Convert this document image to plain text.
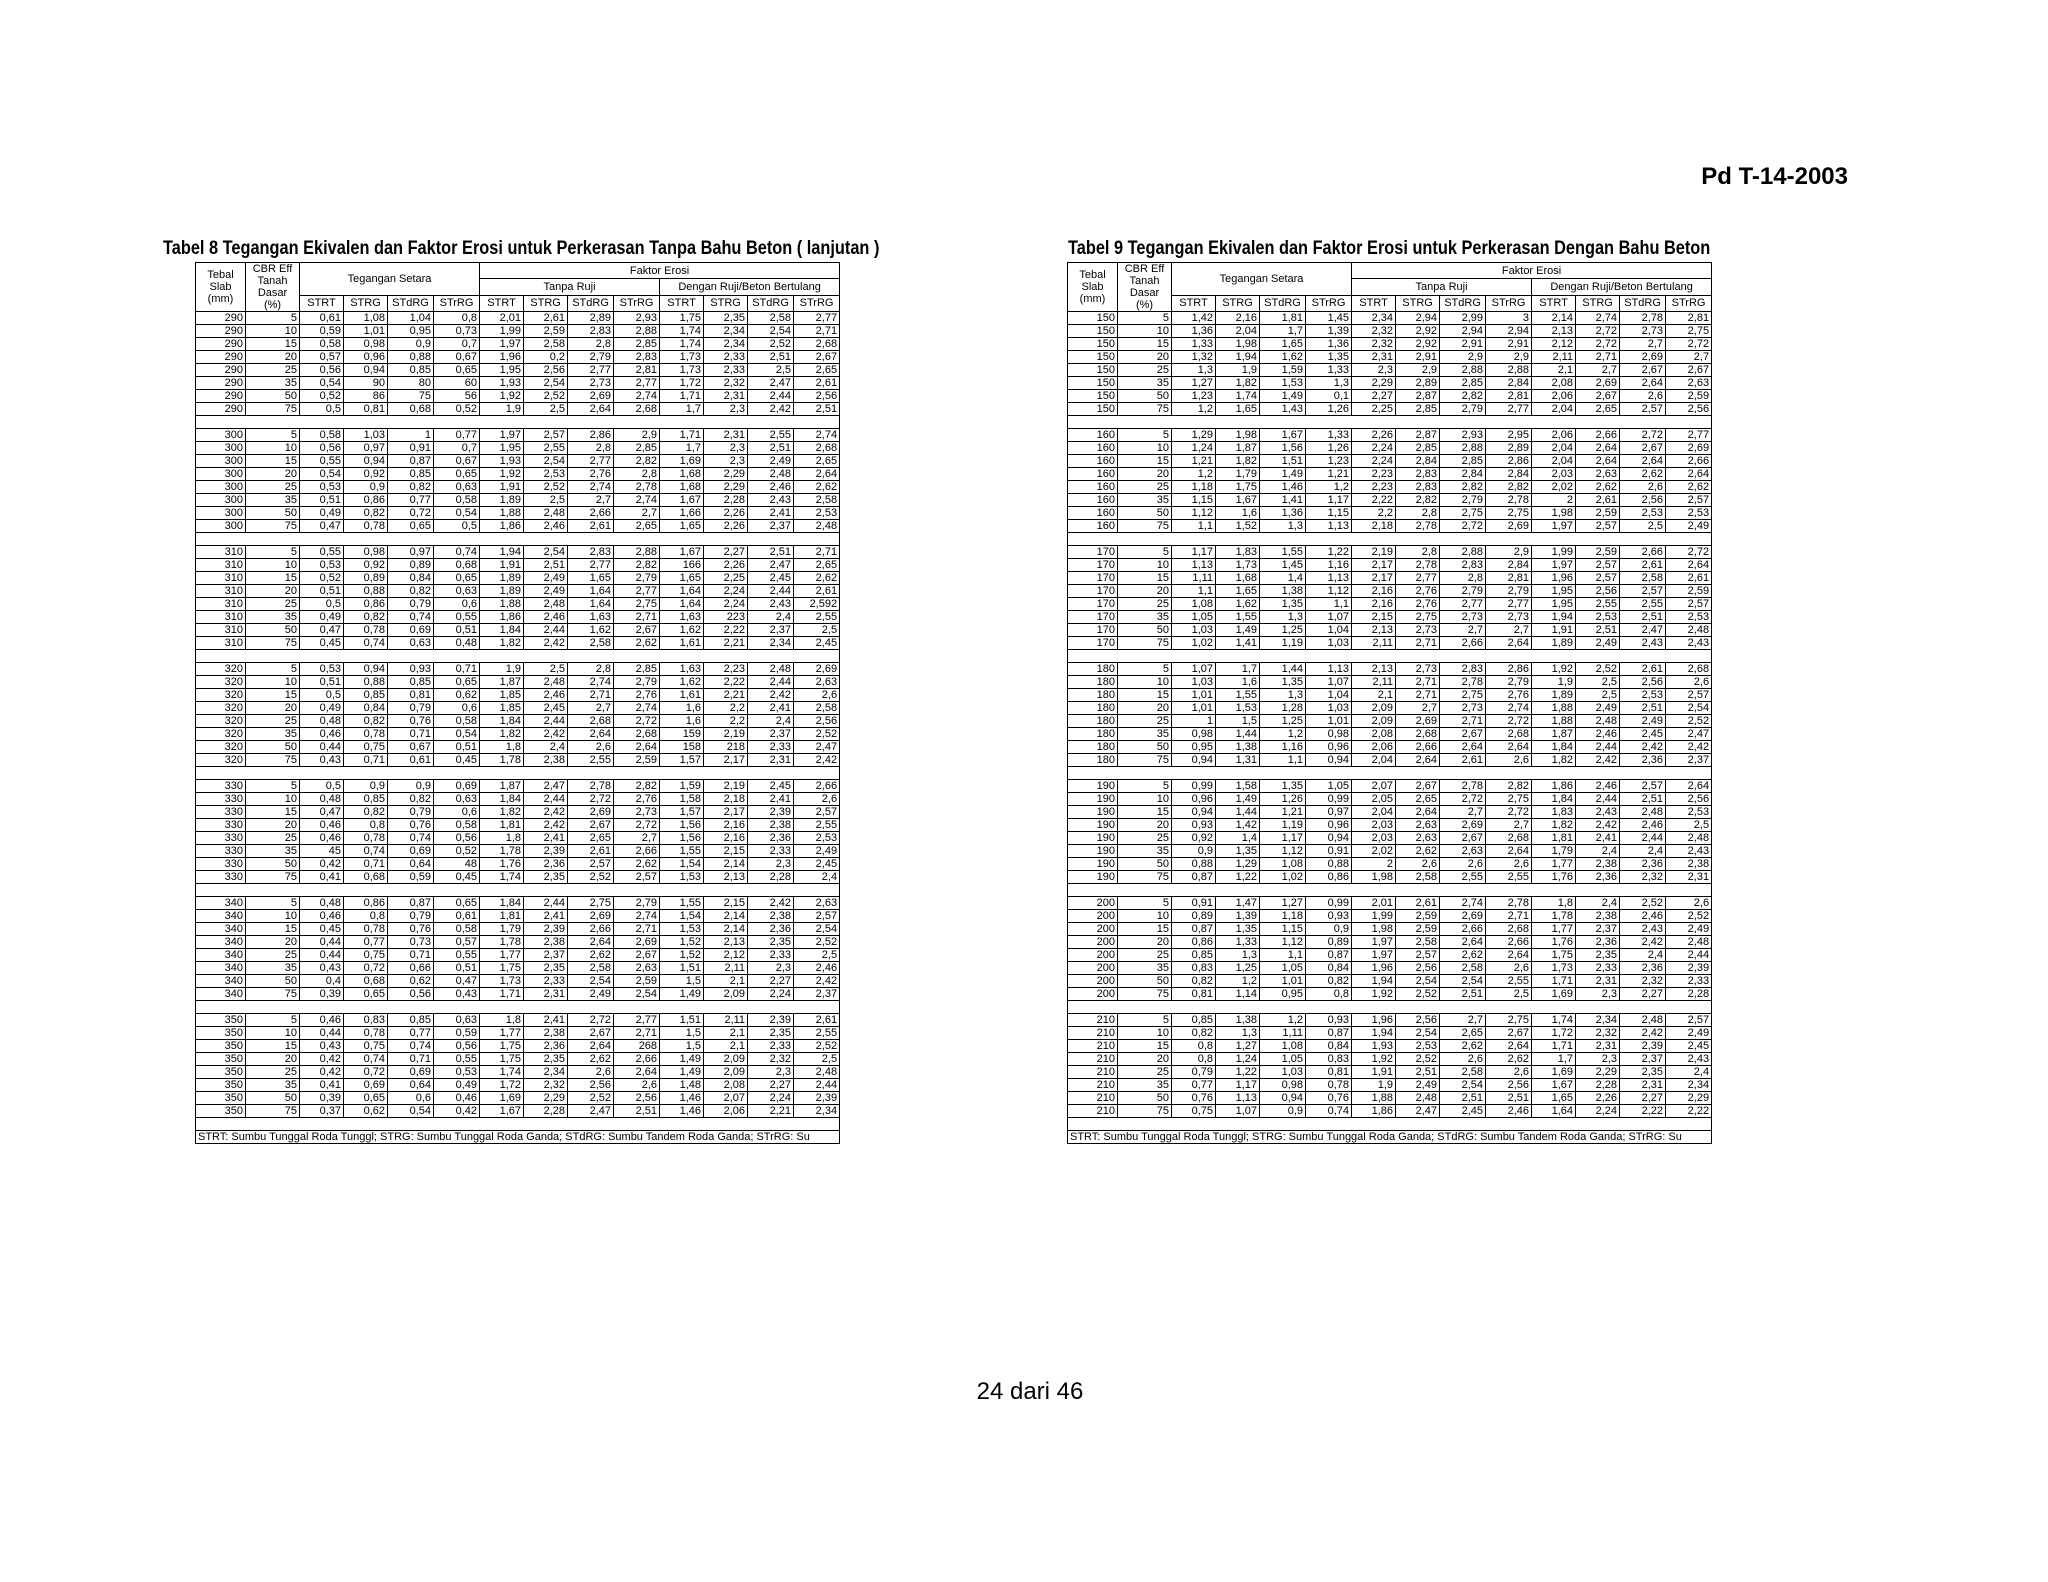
Pd T-14-2003
Tabel 8 Tegangan Ekivalen dan Faktor Erosi untuk Perkerasan Tanpa Bahu Beton ( lanjutan )
Tebal Slab (mm)	CBR Eff Tanah Dasar (%)	Tegangan Setara				Faktor Erosi							
						Tanpa Ruji				Dengan Ruji/Beton Bertulang			
		STRT	STRG	STdRG	STrRG	STRT	STRG	STdRG	STrRG	STRT	STRG	STdRG	STrRG
290	5	0,61	1,08	1,04	0,8	2,01	2,61	2,89	2,93	1,75	2,35	2,58	2,77
290	10	0,59	1,01	0,95	0,73	1,99	2,59	2,83	2,88	1,74	2,34	2,54	2,71
290	15	0,58	0,98	0,9	0,7	1,97	2,58	2,8	2,85	1,74	2,34	2,52	2,68
290	20	0,57	0,96	0,88	0,67	1,96	0,2	2,79	2,83	1,73	2,33	2,51	2,67
290	25	0,56	0,94	0,85	0,65	1,95	2,56	2,77	2,81	1,73	2,33	2,5	2,65
290	35	0,54	90	80	60	1,93	2,54	2,73	2,77	1,72	2,32	2,47	2,61
290	50	0,52	86	75	56	1,92	2,52	2,69	2,74	1,71	2,31	2,44	2,56
290	75	0,5	0,81	0,68	0,52	1,9	2,5	2,64	2,68	1,7	2,3	2,42	2,51

300	5	0,58	1,03	1	0,77	1,97	2,57	2,86	2,9	1,71	2,31	2,55	2,74
300	10	0,56	0,97	0,91	0,7	1,95	2,55	2,8	2,85	1,7	2,3	2,51	2,68
300	15	0,55	0,94	0,87	0,67	1,93	2,54	2,77	2,82	1,69	2,3	2,49	2,65
300	20	0,54	0,92	0,85	0,65	1,92	2,53	2,76	2,8	1,68	2,29	2,48	2,64
300	25	0,53	0,9	0,82	0,63	1,91	2,52	2,74	2,78	1,68	2,29	2,46	2,62
300	35	0,51	0,86	0,77	0,58	1,89	2,5	2,7	2,74	1,67	2,28	2,43	2,58
300	50	0,49	0,82	0,72	0,54	1,88	2,48	2,66	2,7	1,66	2,26	2,41	2,53
300	75	0,47	0,78	0,65	0,5	1,86	2,46	2,61	2,65	1,65	2,26	2,37	2,48

310	5	0,55	0,98	0,97	0,74	1,94	2,54	2,83	2,88	1,67	2,27	2,51	2,71
310	10	0,53	0,92	0,89	0,68	1,91	2,51	2,77	2,82	166	2,26	2,47	2,65
310	15	0,52	0,89	0,84	0,65	1,89	2,49	1,65	2,79	1,65	2,25	2,45	2,62
310	20	0,51	0,88	0,82	0,63	1,89	2,49	1,64	2,77	1,64	2,24	2,44	2,61
310	25	0,5	0,86	0,79	0,6	1,88	2,48	1,64	2,75	1,64	2,24	2,43	2,592
310	35	0,49	0,82	0,74	0,55	1,86	2,46	1,63	2,71	1,63	223	2,4	2,55
310	50	0,47	0,78	0,69	0,51	1,84	2,44	1,62	2,67	1,62	2,22	2,37	2,5
310	75	0,45	0,74	0,63	0,48	1,82	2,42	2,58	2,62	1,61	2,21	2,34	2,45

320	5	0,53	0,94	0,93	0,71	1,9	2,5	2,8	2,85	1,63	2,23	2,48	2,69
320	10	0,51	0,88	0,85	0,65	1,87	2,48	2,74	2,79	1,62	2,22	2,44	2,63
320	15	0,5	0,85	0,81	0,62	1,85	2,46	2,71	2,76	1,61	2,21	2,42	2,6
320	20	0,49	0,84	0,79	0,6	1,85	2,45	2,7	2,74	1,6	2,2	2,41	2,58
320	25	0,48	0,82	0,76	0,58	1,84	2,44	2,68	2,72	1,6	2,2	2,4	2,56
320	35	0,46	0,78	0,71	0,54	1,82	2,42	2,64	2,68	159	2,19	2,37	2,52
320	50	0,44	0,75	0,67	0,51	1,8	2,4	2,6	2,64	158	218	2,33	2,47
320	75	0,43	0,71	0,61	0,45	1,78	2,38	2,55	2,59	1,57	2,17	2,31	2,42

330	5	0,5	0,9	0,9	0,69	1,87	2,47	2,78	2,82	1,59	2,19	2,45	2,66
330	10	0,48	0,85	0,82	0,63	1,84	2,44	2,72	2,76	1,58	2,18	2,41	2,6
330	15	0,47	0,82	0,79	0,6	1,82	2,42	2,69	2,73	1,57	2,17	2,39	2,57
330	20	0,46	0,8	0,76	0,58	1,81	2,42	2,67	2,72	1,56	2,16	2,38	2,55
330	25	0,46	0,78	0,74	0,56	1,8	2,41	2,65	2,7	1,56	2,16	2,36	2,53
330	35	45	0,74	0,69	0,52	1,78	2,39	2,61	2,66	1,55	2,15	2,33	2,49
330	50	0,42	0,71	0,64	48	1,76	2,36	2,57	2,62	1,54	2,14	2,3	2,45
330	75	0,41	0,68	0,59	0,45	1,74	2,35	2,52	2,57	1,53	2,13	2,28	2,4

340	5	0,48	0,86	0,87	0,65	1,84	2,44	2,75	2,79	1,55	2,15	2,42	2,63
340	10	0,46	0,8	0,79	0,61	1,81	2,41	2,69	2,74	1,54	2,14	2,38	2,57
340	15	0,45	0,78	0,76	0,58	1,79	2,39	2,66	2,71	1,53	2,14	2,36	2,54
340	20	0,44	0,77	0,73	0,57	1,78	2,38	2,64	2,69	1,52	2,13	2,35	2,52
340	25	0,44	0,75	0,71	0,55	1,77	2,37	2,62	2,67	1,52	2,12	2,33	2,5
340	35	0,43	0,72	0,66	0,51	1,75	2,35	2,58	2,63	1,51	2,11	2,3	2,46
340	50	0,4	0,68	0,62	0,47	1,73	2,33	2,54	2,59	1,5	2,1	2,27	2,42
340	75	0,39	0,65	0,56	0,43	1,71	2,31	2,49	2,54	1,49	2,09	2,24	2,37

350	5	0,46	0,83	0,85	0,63	1,8	2,41	2,72	2,77	1,51	2,11	2,39	2,61
350	10	0,44	0,78	0,77	0,59	1,77	2,38	2,67	2,71	1,5	2,1	2,35	2,55
350	15	0,43	0,75	0,74	0,56	1,75	2,36	2,64	268	1,5	2,1	2,33	2,52
350	20	0,42	0,74	0,71	0,55	1,75	2,35	2,62	2,66	1,49	2,09	2,32	2,5
350	25	0,42	0,72	0,69	0,53	1,74	2,34	2,6	2,64	1,49	2,09	2,3	2,48
350	35	0,41	0,69	0,64	0,49	1,72	2,32	2,56	2,6	1,48	2,08	2,27	2,44
350	50	0,39	0,65	0,6	0,46	1,69	2,29	2,52	2,56	1,46	2,07	2,24	2,39
350	75	0,37	0,62	0,54	0,42	1,67	2,28	2,47	2,51	1,46	2,06	2,21	2,34

STRT: Sumbu Tunggal Roda Tunggl; STRG: Sumbu Tunggal Roda Ganda; STdRG: Sumbu Tandem Roda Ganda; STrRG: Su													
Tabel 9 Tegangan Ekivalen dan Faktor Erosi untuk Perkerasan Dengan Bahu Beton
Tebal Slab (mm)	CBR Eff Tanah Dasar (%)	Tegangan Setara				Faktor Erosi							
						Tanpa Ruji				Dengan Ruji/Beton Bertulang			
		STRT	STRG	STdRG	STrRG	STRT	STRG	STdRG	STrRG	STRT	STRG	STdRG	STrRG
150	5	1,42	2,16	1,81	1,45	2,34	2,94	2,99	3	2,14	2,74	2,78	2,81
150	10	1,36	2,04	1,7	1,39	2,32	2,92	2,94	2,94	2,13	2,72	2,73	2,75
150	15	1,33	1,98	1,65	1,36	2,32	2,92	2,91	2,91	2,12	2,72	2,7	2,72
150	20	1,32	1,94	1,62	1,35	2,31	2,91	2,9	2,9	2,11	2,71	2,69	2,7
150	25	1,3	1,9	1,59	1,33	2,3	2,9	2,88	2,88	2,1	2,7	2,67	2,67
150	35	1,27	1,82	1,53	1,3	2,29	2,89	2,85	2,84	2,08	2,69	2,64	2,63
150	50	1,23	1,74	1,49	0,1	2,27	2,87	2,82	2,81	2,06	2,67	2,6	2,59
150	75	1,2	1,65	1,43	1,26	2,25	2,85	2,79	2,77	2,04	2,65	2,57	2,56

160	5	1,29	1,98	1,67	1,33	2,26	2,87	2,93	2,95	2,06	2,66	2,72	2,77
160	10	1,24	1,87	1,56	1,26	2,24	2,85	2,88	2,89	2,04	2,64	2,67	2,69
160	15	1,21	1,82	1,51	1,23	2,24	2,84	2,85	2,86	2,04	2,64	2,64	2,66
160	20	1,2	1,79	1,49	1,21	2,23	2,83	2,84	2,84	2,03	2,63	2,62	2,64
160	25	1,18	1,75	1,46	1,2	2,23	2,83	2,82	2,82	2,02	2,62	2,6	2,62
160	35	1,15	1,67	1,41	1,17	2,22	2,82	2,79	2,78	2	2,61	2,56	2,57
160	50	1,12	1,6	1,36	1,15	2,2	2,8	2,75	2,75	1,98	2,59	2,53	2,53
160	75	1,1	1,52	1,3	1,13	2,18	2,78	2,72	2,69	1,97	2,57	2,5	2,49

170	5	1,17	1,83	1,55	1,22	2,19	2,8	2,88	2,9	1,99	2,59	2,66	2,72
170	10	1,13	1,73	1,45	1,16	2,17	2,78	2,83	2,84	1,97	2,57	2,61	2,64
170	15	1,11	1,68	1,4	1,13	2,17	2,77	2,8	2,81	1,96	2,57	2,58	2,61
170	20	1,1	1,65	1,38	1,12	2,16	2,76	2,79	2,79	1,95	2,56	2,57	2,59
170	25	1,08	1,62	1,35	1,1	2,16	2,76	2,77	2,77	1,95	2,55	2,55	2,57
170	35	1,05	1,55	1,3	1,07	2,15	2,75	2,73	2,73	1,94	2,53	2,51	2,53
170	50	1,03	1,49	1,25	1,04	2,13	2,73	2,7	2,7	1,91	2,51	2,47	2,48
170	75	1,02	1,41	1,19	1,03	2,11	2,71	2,66	2,64	1,89	2,49	2,43	2,43

180	5	1,07	1,7	1,44	1,13	2,13	2,73	2,83	2,86	1,92	2,52	2,61	2,68
180	10	1,03	1,6	1,35	1,07	2,11	2,71	2,78	2,79	1,9	2,5	2,56	2,6
180	15	1,01	1,55	1,3	1,04	2,1	2,71	2,75	2,76	1,89	2,5	2,53	2,57
180	20	1,01	1,53	1,28	1,03	2,09	2,7	2,73	2,74	1,88	2,49	2,51	2,54
180	25	1	1,5	1,25	1,01	2,09	2,69	2,71	2,72	1,88	2,48	2,49	2,52
180	35	0,98	1,44	1,2	0,98	2,08	2,68	2,67	2,68	1,87	2,46	2,45	2,47
180	50	0,95	1,38	1,16	0,96	2,06	2,66	2,64	2,64	1,84	2,44	2,42	2,42
180	75	0,94	1,31	1,1	0,94	2,04	2,64	2,61	2,6	1,82	2,42	2,36	2,37

190	5	0,99	1,58	1,35	1,05	2,07	2,67	2,78	2,82	1,86	2,46	2,57	2,64
190	10	0,96	1,49	1,26	0,99	2,05	2,65	2,72	2,75	1,84	2,44	2,51	2,56
190	15	0,94	1,44	1,21	0,97	2,04	2,64	2,7	2,72	1,83	2,43	2,48	2,53
190	20	0,93	1,42	1,19	0,96	2,03	2,63	2,69	2,7	1,82	2,42	2,46	2,5
190	25	0,92	1,4	1,17	0,94	2,03	2,63	2,67	2,68	1,81	2,41	2,44	2,48
190	35	0,9	1,35	1,12	0,91	2,02	2,62	2,63	2,64	1,79	2,4	2,4	2,43
190	50	0,88	1,29	1,08	0,88	2	2,6	2,6	2,6	1,77	2,38	2,36	2,38
190	75	0,87	1,22	1,02	0,86	1,98	2,58	2,55	2,55	1,76	2,36	2,32	2,31

200	5	0,91	1,47	1,27	0,99	2,01	2,61	2,74	2,78	1,8	2,4	2,52	2,6
200	10	0,89	1,39	1,18	0,93	1,99	2,59	2,69	2,71	1,78	2,38	2,46	2,52
200	15	0,87	1,35	1,15	0,9	1,98	2,59	2,66	2,68	1,77	2,37	2,43	2,49
200	20	0,86	1,33	1,12	0,89	1,97	2,58	2,64	2,66	1,76	2,36	2,42	2,48
200	25	0,85	1,3	1,1	0,87	1,97	2,57	2,62	2,64	1,75	2,35	2,4	2,44
200	35	0,83	1,25	1,05	0,84	1,96	2,56	2,58	2,6	1,73	2,33	2,36	2,39
200	50	0,82	1,2	1,01	0,82	1,94	2,54	2,54	2,55	1,71	2,31	2,32	2,33
200	75	0,81	1,14	0,95	0,8	1,92	2,52	2,51	2,5	1,69	2,3	2,27	2,28

210	5	0,85	1,38	1,2	0,93	1,96	2,56	2,7	2,75	1,74	2,34	2,48	2,57
210	10	0,82	1,3	1,11	0,87	1,94	2,54	2,65	2,67	1,72	2,32	2,42	2,49
210	15	0,8	1,27	1,08	0,84	1,93	2,53	2,62	2,64	1,71	2,31	2,39	2,45
210	20	0,8	1,24	1,05	0,83	1,92	2,52	2,6	2,62	1,7	2,3	2,37	2,43
210	25	0,79	1,22	1,03	0,81	1,91	2,51	2,58	2,6	1,69	2,29	2,35	2,4
210	35	0,77	1,17	0,98	0,78	1,9	2,49	2,54	2,56	1,67	2,28	2,31	2,34
210	50	0,76	1,13	0,94	0,76	1,88	2,48	2,51	2,51	1,65	2,26	2,27	2,29
210	75	0,75	1,07	0,9	0,74	1,86	2,47	2,45	2,46	1,64	2,24	2,22	2,22

STRT: Sumbu Tunggal Roda Tunggl; STRG: Sumbu Tunggal Roda Ganda; STdRG: Sumbu Tandem Roda Ganda; STrRG: Su													
24 dari 46
